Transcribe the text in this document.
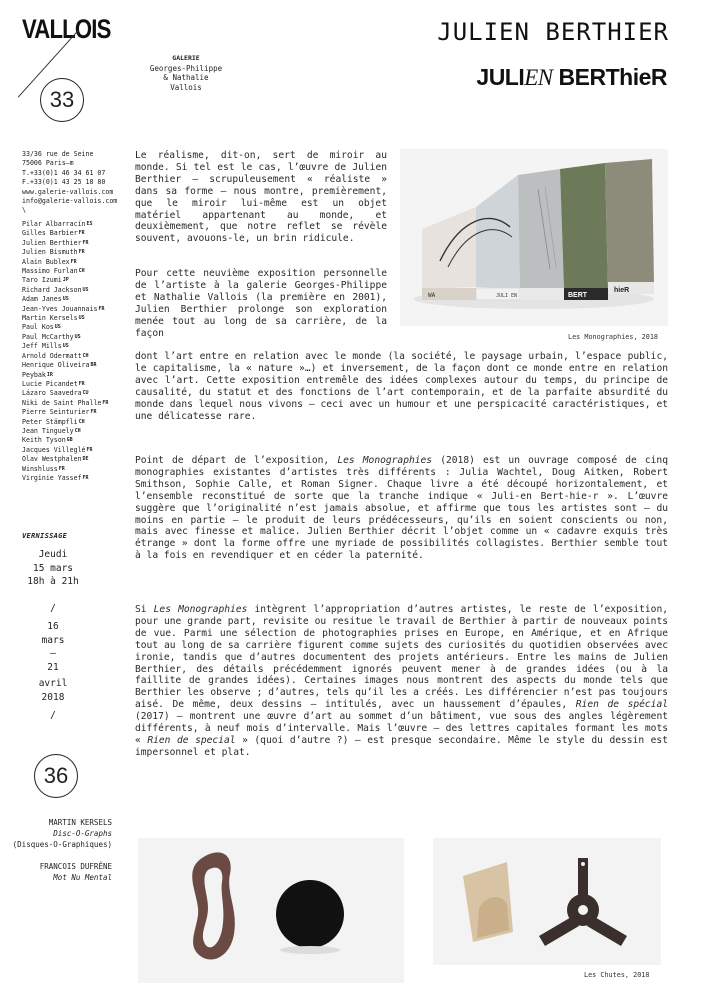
VALLOIS
GALERIE
Georges-Philippe
& Nathalie
Vallois
33
JULIEN BERTHIER
JULIEN BERThieR
33/36 rue de Seine
75006 Paris—m
T.+33(0)1 46 34 61 07
F.+33(0)1 43 25 18 80
www.galerie-vallois.com
info@galerie-vallois.com
\
Pilar Albarracín$^{ES}$
Gilles Barbier$^{FR}$
Julien Berthier$^{FR}$
Julien Bismuth$^{FR}$
Alain Bublex$^{FR}$
Massimo Furlan$^{CH}$
Taro Izumi$^{JP}$
Richard Jackson$^{US}$
Adam Janes$^{US}$
Jean-Yves Jouannais$^{FR}$
Martin Kersels$^{US}$
Paul Kos$^{US}$
Paul McCarthy$^{US}$
Jeff Mills$^{US}$
Arnold Odermatt$^{CH}$
Henrique Oliveira$^{BR}$
Peybak$^{IR}$
Lucie Picandet$^{FR}$
Lázaro Saavedra$^{CU}$
Niki de Saint Phalle$^{FR}$
Pierre Seinturier$^{FR}$
Peter Stämpfli$^{CH}$
Jean Tinguely$^{CH}$
Keith Tyson$^{GB}$
Jacques Villeglé$^{FR}$
Olav Westphalen$^{DE}$
Winshluss$^{FR}$
Virginie Yassef$^{FR}$
VERNISSAGE
Jeudi
15 mars
18h à 21h
/
16
mars
–
21
avril
2018
/
36
Le réalisme, dit-on, sert de miroir au monde. Si tel est le cas, l’œuvre de Julien Berthier – scrupuleusement « réaliste » dans sa forme – nous montre, premièrement, que le miroir lui-même est un objet matériel appartenant au monde, et deuxièmement, que notre reflet se révèle souvent, avouons-le, un brin ridicule.
Pour cette neuvième exposition personnelle de l’artiste à la galerie Georges-Philippe et Nathalie Vallois (la première en 2001), Julien Berthier prolonge son exploration menée tout au long de sa carrière, de la façon
dont l’art entre en relation avec le monde (la société, le paysage urbain, l’espace public, le capitalisme, la « nature »…) et inversement, de la façon dont ce monde entre en relation avec l’art. Cette exposition entremêle des idées complexes autour du temps, du principe de causalité, du statut et des fonctions de l’art contemporain, et de la parfaite absurdité du monde dans lequel nous vivons – ceci avec un humour et une perspicacité caractéristiques, et une délicatesse rare.
Point de départ de l’exposition, Les Monographies (2018) est un ouvrage composé de cinq monographies existantes d’artistes très différents : Julia Wachtel, Doug Aitken, Robert Smithson, Sophie Calle, et Roman Signer. Chaque livre a été découpé horizontalement, et l’ensemble reconstitué de sorte que la tranche indique « Juli-en Bert-hie-r ». L’œuvre suggère que l’originalité n’est jamais absolue, et affirme que tous les artistes sont – du moins en partie – le produit de leurs prédécesseurs, qu’ils en soient conscients ou non, mais avec finesse et malice. Julien Berthier décrit l’objet comme un « cadavre exquis très étrange » dont la forme offre une myriade de possibilités collagistes. Berthier semble tout à la fois en revendiquer et en céder la paternité.
Si Les Monographies intègrent l’appropriation d’autres artistes, le reste de l’exposition, pour une grande part, revisite ou resitue le travail de Berthier à partir de nouveaux points de vue. Parmi une sélection de photographies prises en Europe, en Amérique, et en Afrique tout au long de sa carrière figurent comme sujets des curiosités du quotidien observées avec ironie, tandis que d’autres documentent des projets antérieurs. Entre les mains de Julien Berthier, des détails précédemment ignorés peuvent mener à de grandes idées (ou à la faillite de grandes idées). Certaines images nous montrent des aspects du monde tels que Berthier les observe ; d’autres, tels qu’il les a créés. Les différencier n’est pas toujours aisé. De même, deux dessins – intitulés, avec un haussement d’épaules, Rien de spécial (2017) – montrent une œuvre d’art au sommet d’un bâtiment, vue sous des angles légèrement différents, à neuf mois d’intervalle. Mais l’œuvre – des lettres capitales formant les mots « Rien de special » (quoi d’autre ?) – est presque secondaire. Même le style du dessin est impersonnel et plat.
WA	JULI EN	BERT
hieR
Les Monographies, 2018
MARTIN KERSELS
Disc-O-Graphs
(Disques-O-Graphiques)
FRANCOIS DUFRÊNE
Mot Nu Mental
Les Chutes, 2018
